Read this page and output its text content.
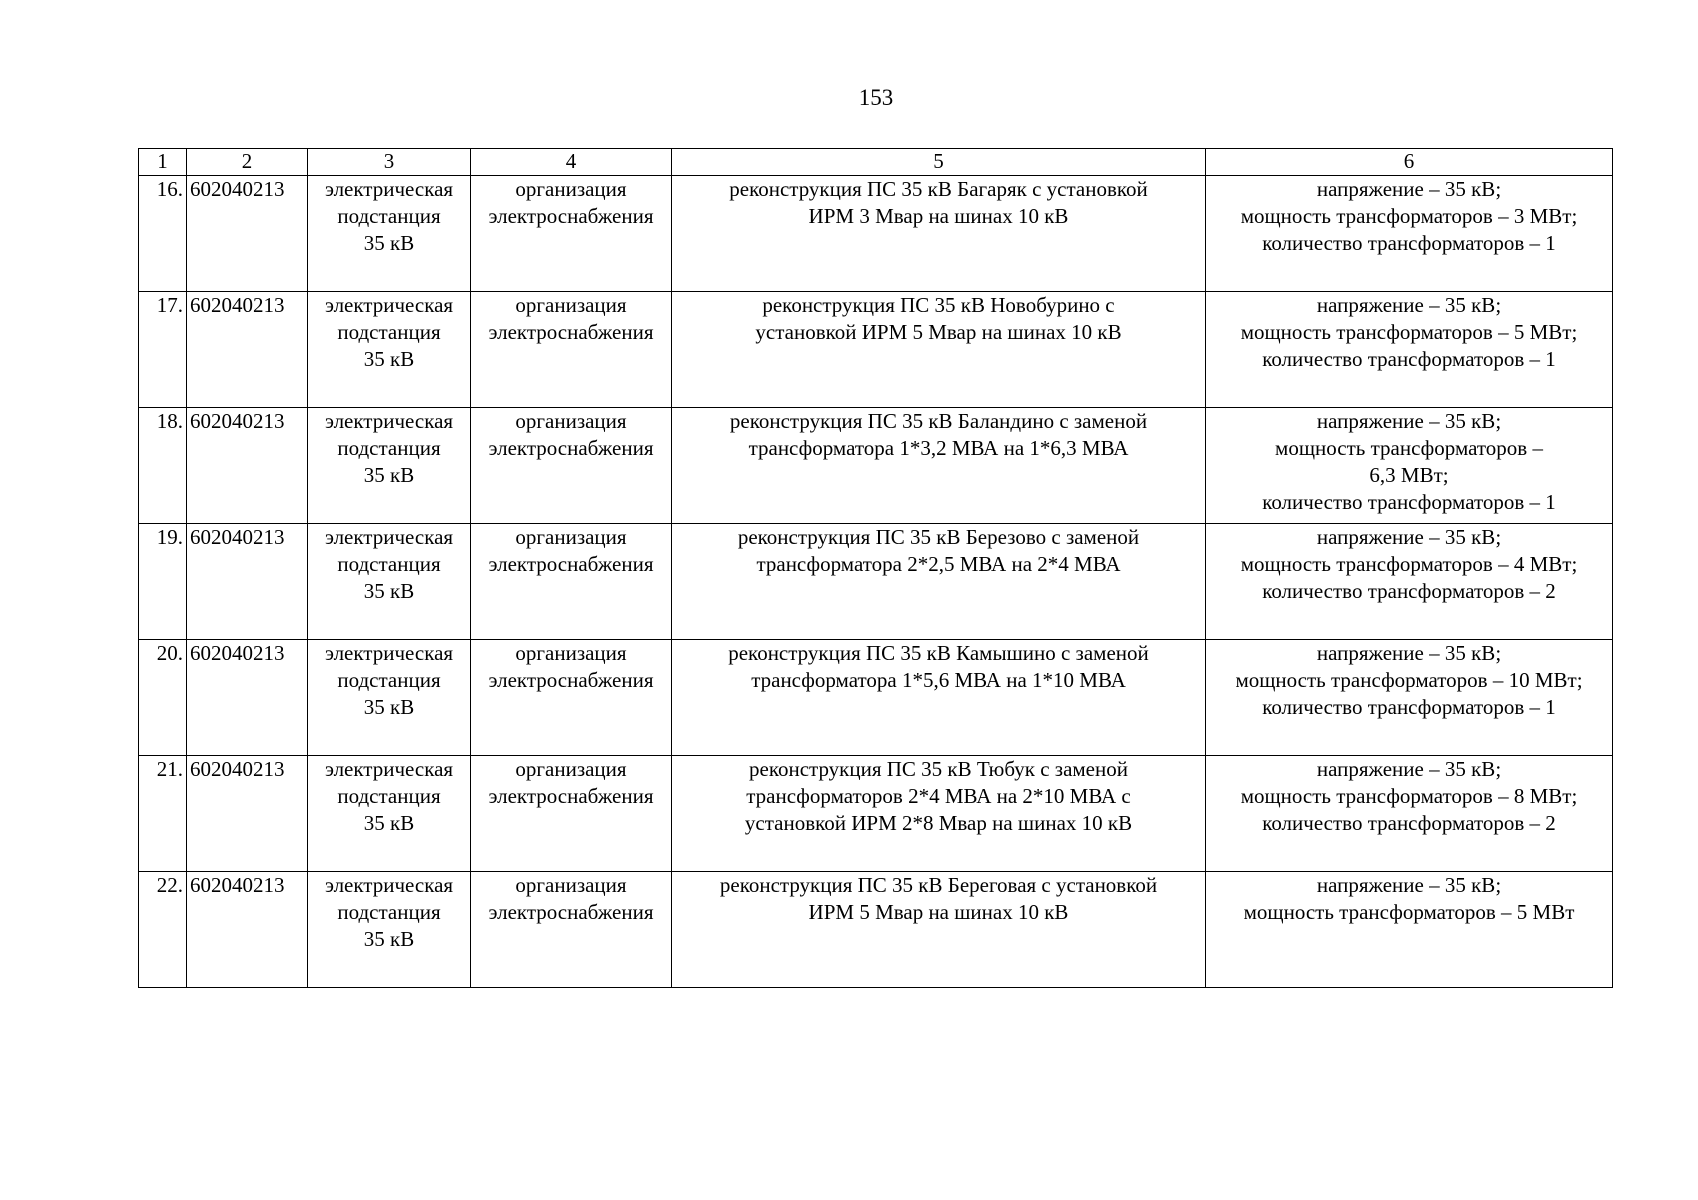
153
1	2	3	4	5	6
16.	602040213	электрическая
подстанция
35 кВ	организация
электроснабжения	реконструкция ПС 35 кВ Багаряк с установкой
ИРМ 3 Мвар на шинах 10 кВ	напряжение – 35 кВ;
мощность трансформаторов – 3 МВт;
количество трансформаторов – 1

17.	602040213	электрическая
подстанция
35 кВ	организация
электроснабжения	реконструкция ПС 35 кВ Новобурино с
установкой ИРМ 5 Мвар на шинах 10 кВ	напряжение – 35 кВ;
мощность трансформаторов – 5 МВт;
количество трансформаторов – 1

18.	602040213	электрическая
подстанция
35 кВ	организация
электроснабжения	реконструкция ПС 35 кВ Баландино с заменой
трансформатора 1*3,2 МВА на 1*6,3 МВА	напряжение – 35 кВ;
мощность трансформаторов –
6,3 МВт;
количество трансформаторов – 1

19.	602040213	электрическая
подстанция
35 кВ	организация
электроснабжения	реконструкция ПС 35 кВ Березово с заменой
трансформатора 2*2,5 МВА на 2*4 МВА	напряжение – 35 кВ;
мощность трансформаторов – 4 МВт;
количество трансформаторов – 2

20.	602040213	электрическая
подстанция
35 кВ	организация
электроснабжения	реконструкция ПС 35 кВ Камышино с заменой
трансформатора 1*5,6 МВА на 1*10 МВА	напряжение – 35 кВ;
мощность трансформаторов – 10 МВт;
количество трансформаторов – 1

21.	602040213	электрическая
подстанция
35 кВ	организация
электроснабжения	реконструкция ПС 35 кВ Тюбук с заменой
трансформаторов 2*4 МВА на 2*10 МВА с
установкой ИРМ 2*8 Мвар на шинах 10 кВ	напряжение – 35 кВ;
мощность трансформаторов – 8 МВт;
количество трансформаторов – 2

22.	602040213	электрическая
подстанция
35 кВ	организация
электроснабжения	реконструкция ПС 35 кВ Береговая с установкой
ИРМ 5 Мвар на шинах 10 кВ	напряжение – 35 кВ;
мощность трансформаторов – 5 МВт
